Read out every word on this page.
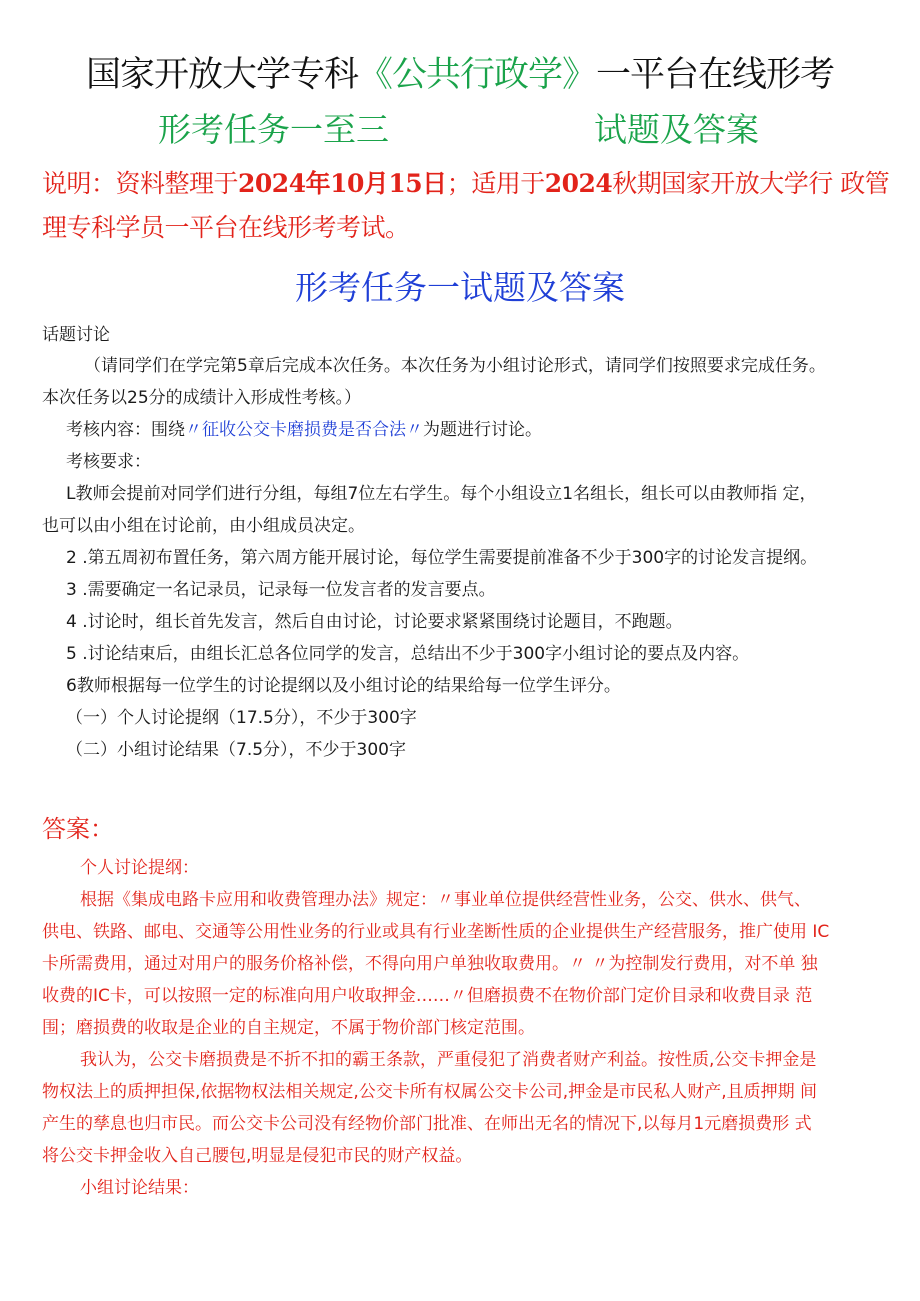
国家开放大学专科《公共行政学》一平台在线形考
形考任务一至三	试题及答案
说明：资料整理于2024年10月15日；适用于2024秋期国家开放大学行 政管
理专科学员一平台在线形考考试。
形考任务一试题及答案
话题讨论
（请同学们在学完第5章后完成本次任务。本次任务为小组讨论形式，请同学们按照要求完成任务。
本次任务以25分的成绩计入形成性考核。）
考核内容：围绕〃征收公交卡磨损费是否合法〃为题进行讨论。
考核要求：
L教师会提前对同学们进行分组，每组7位左右学生。每个小组设立1名组长，组长可以由教师指 定，
也可以由小组在讨论前，由小组成员决定。
2 .第五周初布置任务，第六周方能开展讨论，每位学生需要提前准备不少于300字的讨论发言提纲。
3 .需要确定一名记录员，记录每一位发言者的发言要点。
4 .讨论时，组长首先发言，然后自由讨论，讨论要求紧紧围绕讨论题目，不跑题。
5 .讨论结束后，由组长汇总各位同学的发言，总结出不少于300字小组讨论的要点及内容。
6教师根据每一位学生的讨论提纲以及小组讨论的结果给每一位学生评分。
（一）个人讨论提纲（17.5分），不少于300字
（二）小组讨论结果（7.5分），不少于300字
答案：
个人讨论提纲：
根据《集成电路卡应用和收费管理办法》规定：〃事业单位提供经营性业务，公交、供水、供气、
供电、铁路、邮电、交通等公用性业务的行业或具有行业垄断性质的企业提供生产经营服务，推广使用 IC
卡所需费用，通过对用户的服务价格补偿，不得向用户单独收取费用。〃 〃为控制发行费用，对不单 独
收费的IC卡，可以按照一定的标准向用户收取押金……〃但磨损费不在物价部门定价目录和收费目录 范
围；磨损费的收取是企业的自主规定，不属于物价部门核定范围。
我认为，公交卡磨损费是不折不扣的霸王条款，严重侵犯了消费者财产利益。按性质,公交卡押金是
物权法上的质押担保,依据物权法相关规定,公交卡所有权属公交卡公司,押金是市民私人财产,且质押期 间
产生的孳息也归市民。而公交卡公司没有经物价部门批准、在师出无名的情况下,以每月1元磨损费形 式
将公交卡押金收入自己腰包,明显是侵犯市民的财产权益。
小组讨论结果：
